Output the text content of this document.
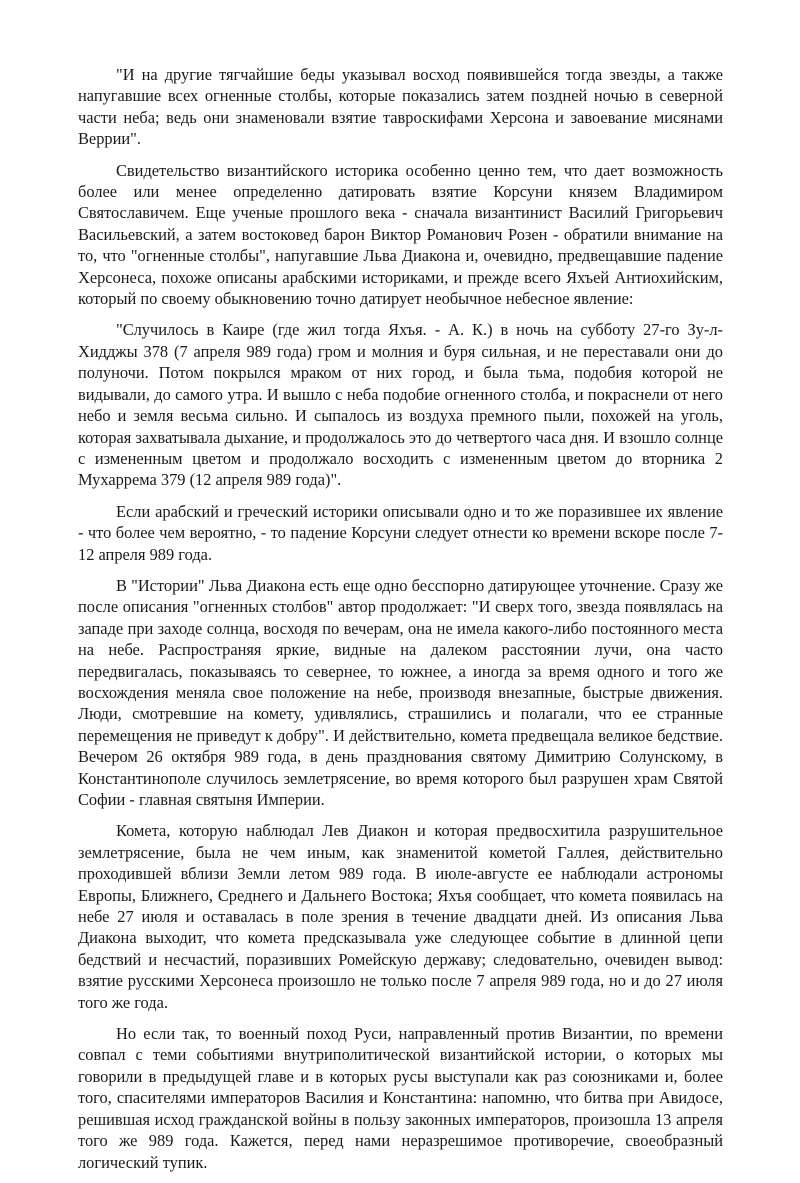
"И на другие тягчайшие беды указывал восход появившейся тогда звезды, а также напугавшие всех огненные столбы, которые показались затем поздней ночью в северной части неба; ведь они знаменовали взятие тавроскифами Херсона и завоевание мисянами Веррии".

Свидетельство византийского историка особенно ценно тем, что дает возможность более или менее определенно датировать взятие Корсуни князем Владимиром Святославичем. Еще ученые прошлого века - сначала византинист Василий Григорьевич Васильевский, а затем востоковед барон Виктор Романович Розен - обратили внимание на то, что "огненные столбы", напугавшие Льва Диакона и, очевидно, предвещавшие падение Херсонеса, похоже описаны арабскими историками, и прежде всего Яхъей Антиохийским, который по своему обыкновению точно датирует необычное небесное явление:

"Случилось в Каире (где жил тогда Яхъя. - А. К.) в ночь на субботу 27-го Зу-л-Хидджы 378 (7 апреля 989 года) гром и молния и буря сильная, и не переставали они до полуночи. Потом покрылся мраком от них город, и была тьма, подобия которой не видывали, до самого утра. И вышло с неба подобие огненного столба, и покраснели от него небо и земля весьма сильно. И сыпалось из воздуха премного пыли, похожей на уголь, которая захватывала дыхание, и продолжалось это до четвертого часа дня. И взошло солнце с измененным цветом и продолжало восходить с измененным цветом до вторника 2 Мухаррема 379 (12 апреля 989 года)".

Если арабский и греческий историки описывали одно и то же поразившее их явление - что более чем вероятно, - то падение Корсуни следует отнести ко времени вскоре после 7-12 апреля 989 года.

В "Истории" Льва Диакона есть еще одно бесспорно датирующее уточнение. Сразу же после описания "огненных столбов" автор продолжает: "И сверх того, звезда появлялась на западе при заходе солнца, восходя по вечерам, она не имела какого-либо постоянного места на небе. Распространяя яркие, видные на далеком расстоянии лучи, она часто передвигалась, показываясь то севернее, то южнее, а иногда за время одного и того же восхождения меняла свое положение на небе, производя внезапные, быстрые движения. Люди, смотревшие на комету, удивлялись, страшились и полагали, что ее странные перемещения не приведут к добру". И действительно, комета предвещала великое бедствие. Вечером 26 октября 989 года, в день празднования святому Димитрию Солунскому, в Константинополе случилось землетрясение, во время которого был разрушен храм Святой Софии - главная святыня Империи.

Комета, которую наблюдал Лев Диакон и которая предвосхитила разрушительное землетрясение, была не чем иным, как знаменитой кометой Галлея, действительно проходившей вблизи Земли летом 989 года. В июле-августе ее наблюдали астрономы Европы, Ближнего, Среднего и Дальнего Востока; Яхъя сообщает, что комета появилась на небе 27 июля и оставалась в поле зрения в течение двадцати дней. Из описания Льва Диакона выходит, что комета предсказывала уже следующее событие в длинной цепи бедствий и несчастий, поразивших Ромейскую державу; следовательно, очевиден вывод: взятие русскими Херсонеса произошло не только после 7 апреля 989 года, но и до 27 июля того же года.

Но если так, то военный поход Руси, направленный против Византии, по времени совпал с теми событиями внутриполитической византийской истории, о которых мы говорили в предыдущей главе и в которых русы выступали как раз союзниками и, более того, спасителями императоров Василия и Константина: напомню, что битва при Авидосе, решившая исход гражданской войны в пользу законных императоров, произошла 13 апреля того же 989 года. Кажется, перед нами неразрешимое противоречие, своеобразный логический тупик.
